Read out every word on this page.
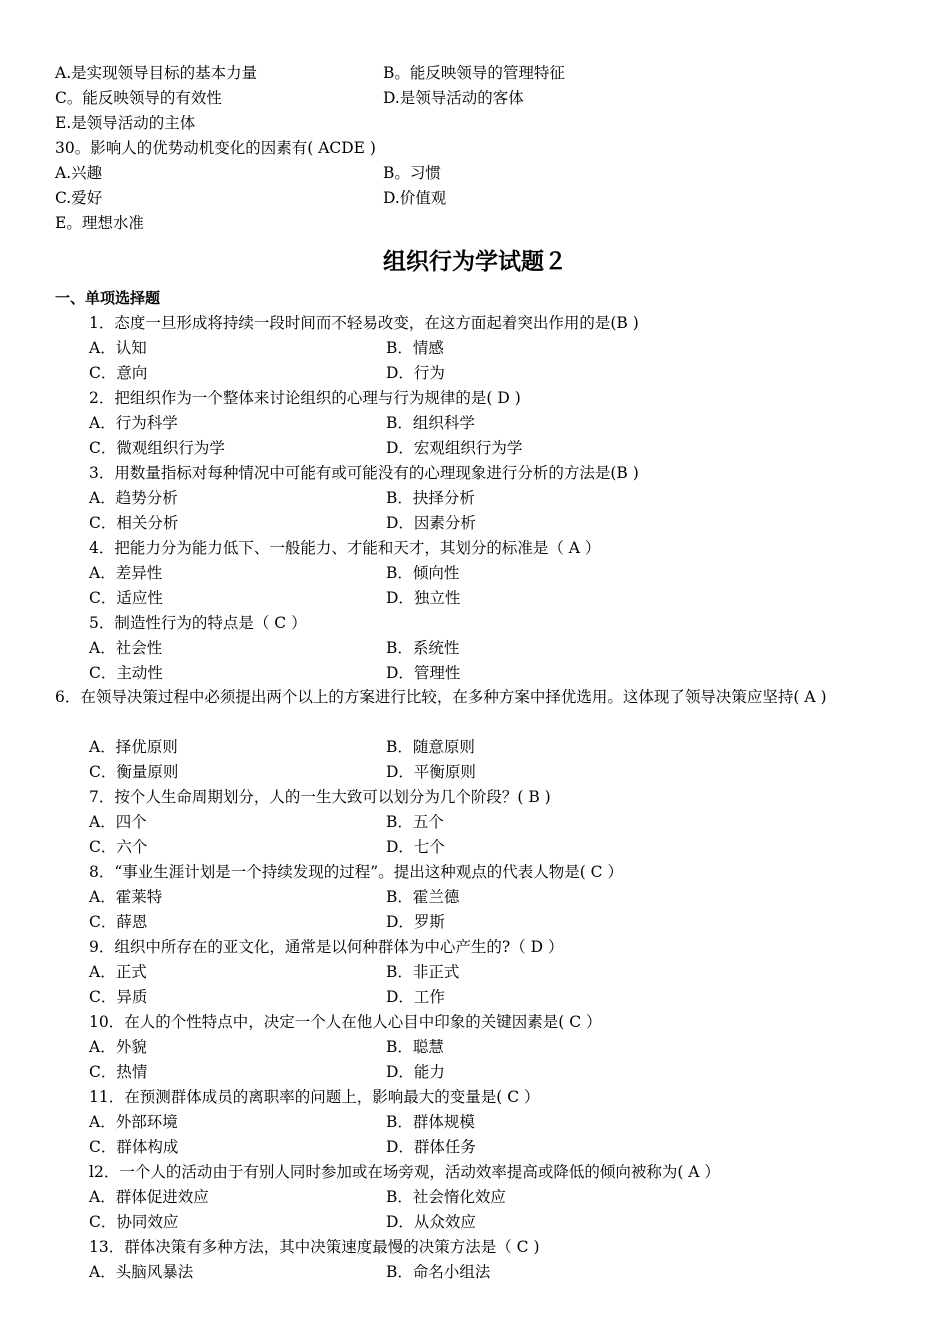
A.是实现领导目标的基本力量	B。能反映领导的管理特征
C。能反映领导的有效性	D.是领导活动的客体
E.是领导活动的主体
30。影响人的优势动机变化的因素有( ACDE )
A.兴趣	B。习惯
C.爱好	D.价值观
E。理想水准
组织行为学试题２
一、单项选择题
1．态度一旦形成将持续一段时间而不轻易改变，在这方面起着突出作用的是(B )
A．认知	B．情感
C．意向	D．行为
2．把组织作为一个整体来讨论组织的心理与行为规律的是( D )
A．行为科学	B．组织科学
C．微观组织行为学	D．宏观组织行为学
3．用数量指标对每种情况中可能有或可能没有的心理现象进行分析的方法是(B )
A．趋势分析	B．抉择分析
C．相关分析	D．因素分析
4．把能力分为能力低下、一般能力、才能和天才，其划分的标准是（ A ）
A．差异性	B．倾向性
C．适应性	D．独立性
5．制造性行为的特点是（ C ）
A．社会性	B．系统性
C．主动性	D．管理性
6．在领导决策过程中必须提出两个以上的方案进行比较，在多种方案中择优选用。这体现了领导决策应坚持( A )
A．择优原则	B．随意原则
C．衡量原则	D．平衡原则
7．按个人生命周期划分，人的一生大致可以划分为几个阶段？( B )
A．四个	B．五个
C．六个	D．七个
8．“事业生涯计划是一个持续发现的过程”。提出这种观点的代表人物是( C ）
A．霍莱特	B．霍兰德
C．薛恩	D．罗斯
9．组织中所存在的亚文化，通常是以何种群体为中心产生的?（ D ）
A．正式	B．非正式
C．异质	D．工作
10．在人的个性特点中，决定一个人在他人心目中印象的关键因素是( C ）
A．外貌	B．聪慧
C．热情	D．能力
11．在预测群体成员的离职率的问题上，影响最大的变量是( C ）
A．外部环境	B．群体规模
C．群体构成	D．群体任务
l2．一个人的活动由于有别人同时参加或在场旁观，活动效率提高或降低的倾向被称为( A ）
A．群体促进效应	B．社会惰化效应
C．协同效应	D．从众效应
13．群体决策有多种方法，其中决策速度最慢的决策方法是（ C )
A．头脑风暴法	B．命名小组法
